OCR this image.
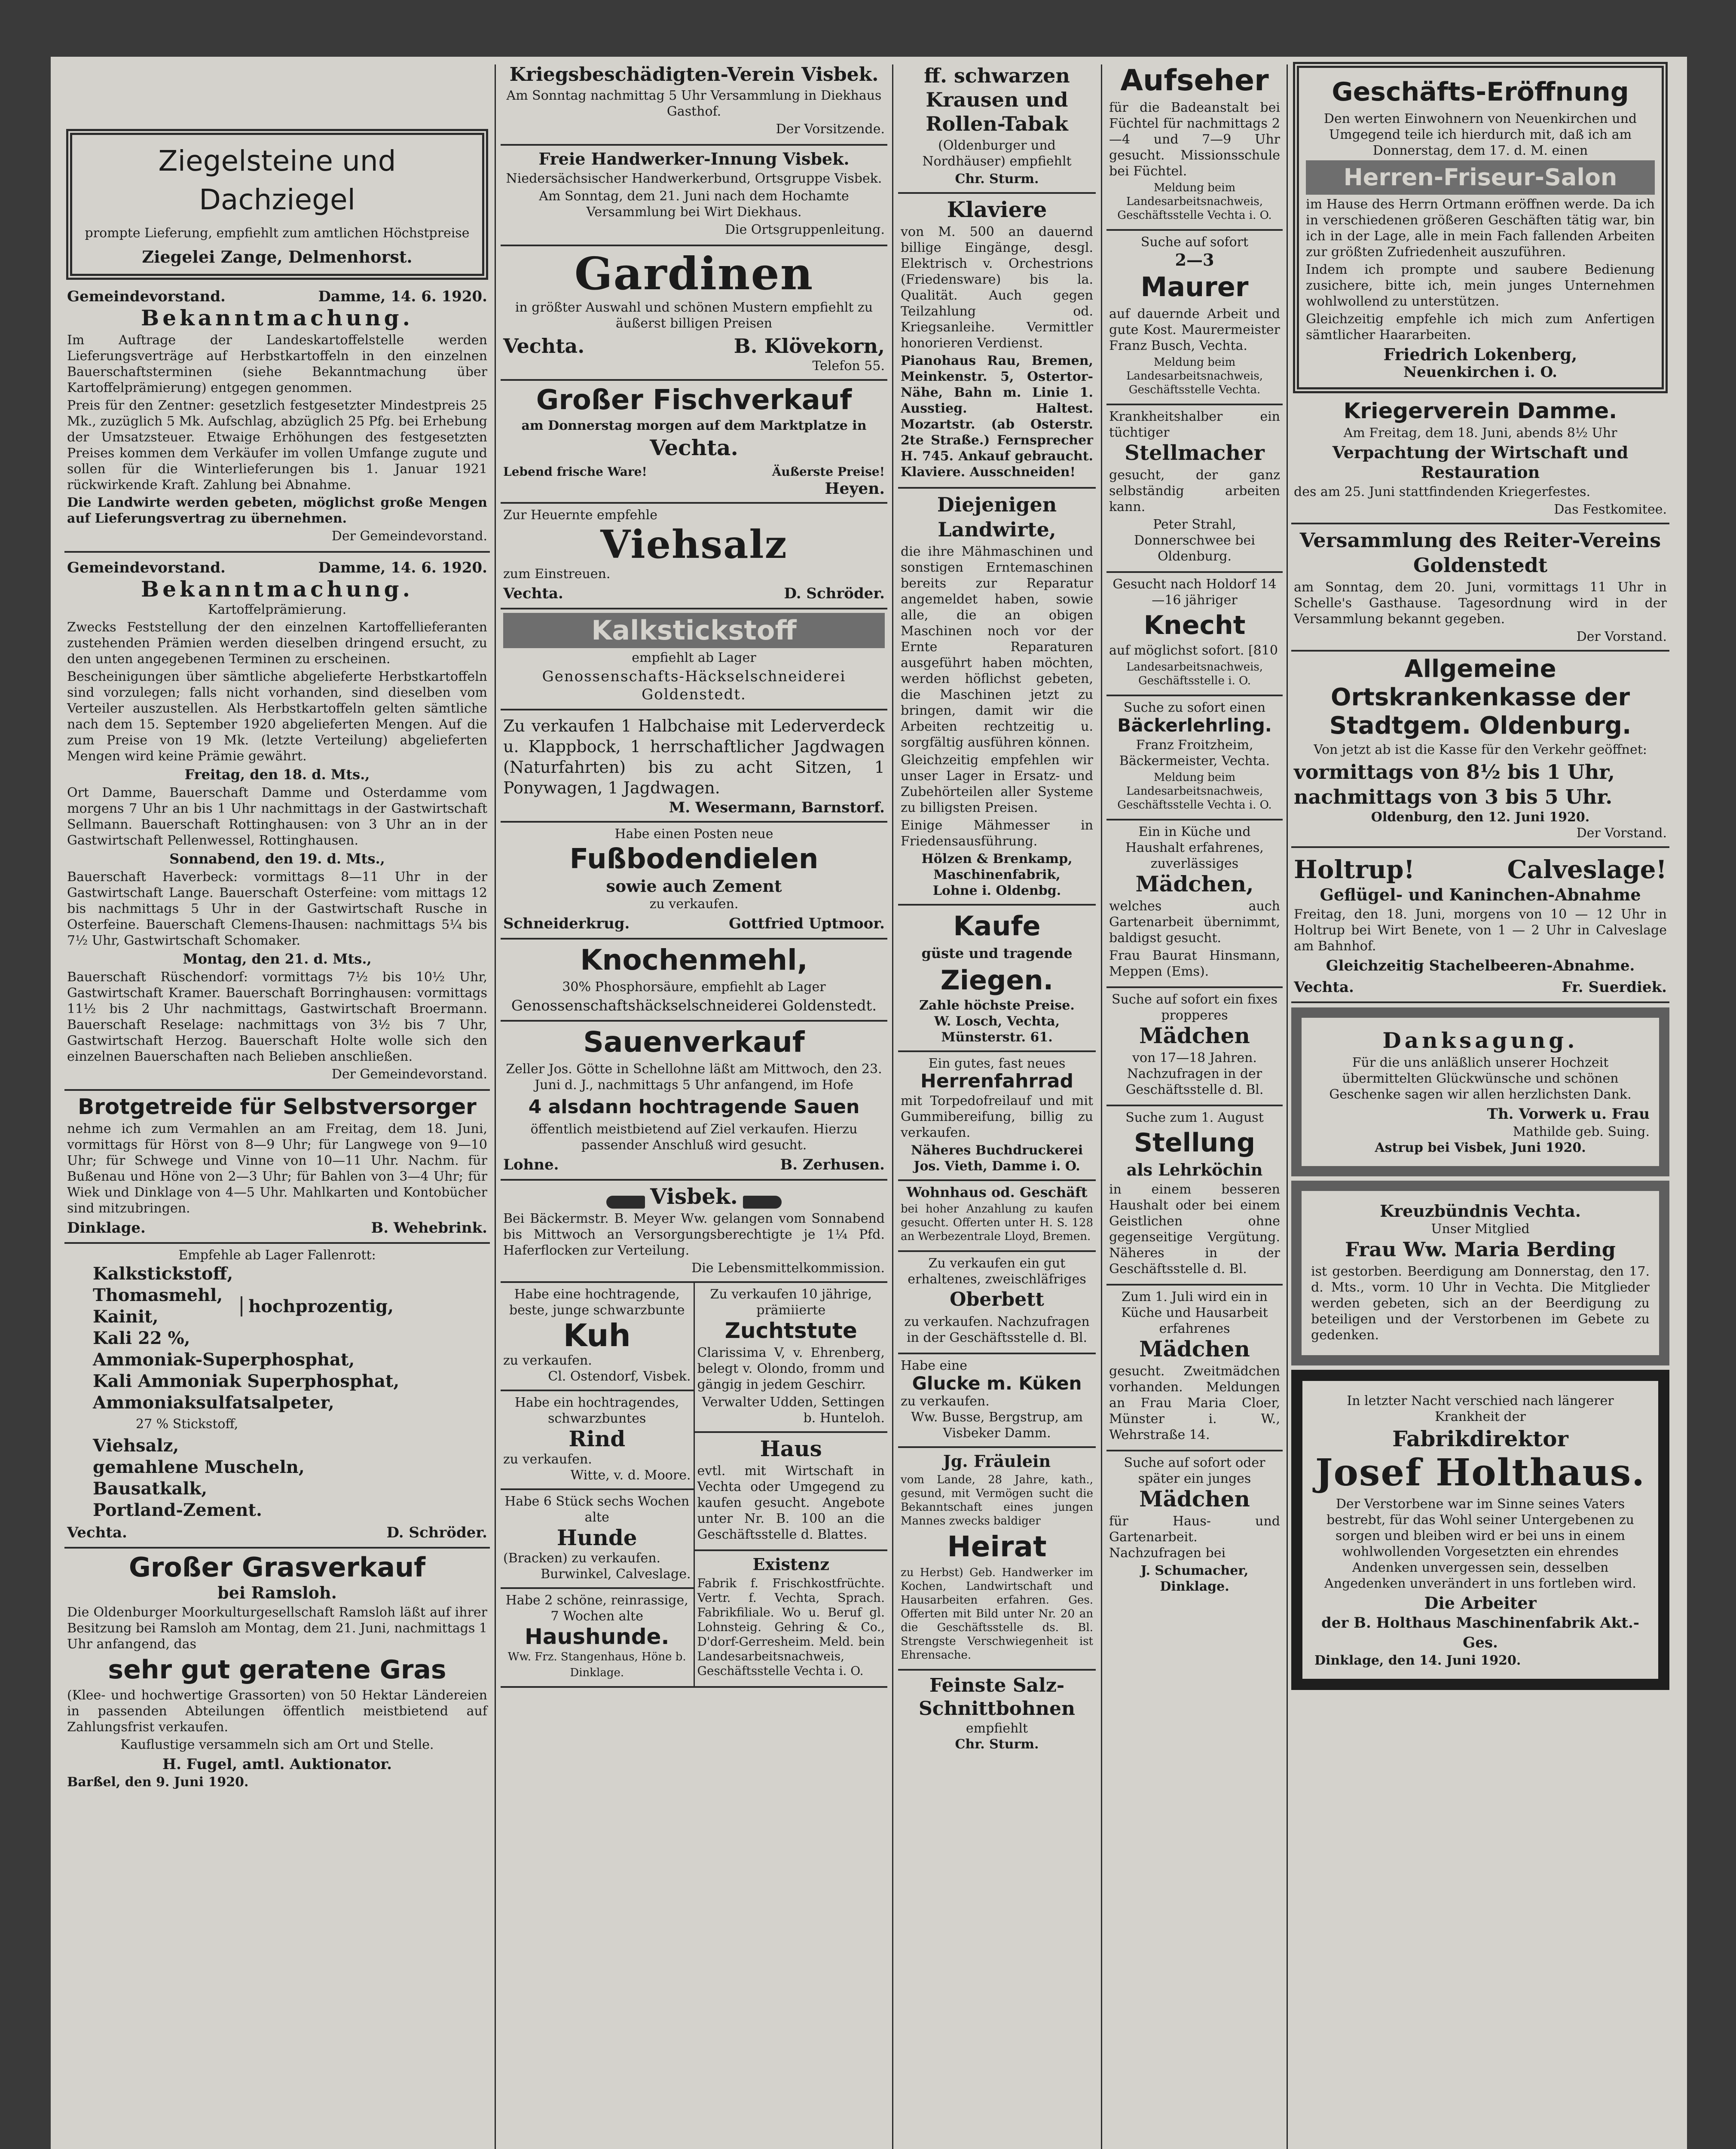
Ziegelsteine und Dachziegel

prompte Lieferung, empfiehlt zum amtlichen Höchstpreise

Ziegelei Zange, Delmenhorst.
Gemeindevorstand.	Damme, 14. 6. 1920.
Bekanntmachung.

Im Auftrage der Landeskartoffelstelle werden Lieferungsverträge auf Herbstkartoffeln in den einzelnen Bauerschaftsterminen (siehe Bekanntmachung über Kartoffelprämierung) entgegen genommen.

Preis für den Zentner: gesetzlich festgesetzter Mindestpreis 25 Mk., zuzüglich 5 Mk. Aufschlag, abzüglich 25 Pfg. bei Erhebung der Umsatzsteuer. Etwaige Erhöhungen des festgesetzten Preises kommen dem Verkäufer im vollen Umfange zugute und sollen für die Winterlieferungen bis 1. Januar 1921 rückwirkende Kraft. Zahlung bei Abnahme.

Die Landwirte werden gebeten, möglichst große Mengen auf Lieferungsvertrag zu übernehmen.

Der Gemeindevorstand.

Gemeindevorstand.	Damme, 14. 6. 1920.
Bekanntmachung.
Kartoffelprämierung.

Zwecks Feststellung der den einzelnen Kartoffellieferanten zustehenden Prämien werden dieselben dringend ersucht, zu den unten angegebenen Terminen zu erscheinen.

Bescheinigungen über sämtliche abgelieferte Herbstkartoffeln sind vorzulegen; falls nicht vorhanden, sind dieselben vom Verteiler auszustellen. Als Herbstkartoffeln gelten sämtliche nach dem 15. September 1920 abgelieferten Mengen. Auf die zum Preise von 19 Mk. (letzte Verteilung) abgelieferten Mengen wird keine Prämie gewährt.

Freitag, den 18. d. Mts.,

Ort Damme, Bauerschaft Damme und Osterdamme vom morgens 7 Uhr an bis 1 Uhr nachmittags in der Gastwirtschaft Sellmann. Bauerschaft Rottinghausen: von 3 Uhr an in der Gastwirtschaft Pellenwessel, Rottinghausen.

Sonnabend, den 19. d. Mts.,

Bauerschaft Haverbeck: vormittags 8—11 Uhr in der Gastwirtschaft Lange. Bauerschaft Osterfeine: vom mittags 12 bis nachmittags 5 Uhr in der Gastwirtschaft Rusche in Osterfeine. Bauerschaft Clemens-Ihausen: nachmittags 5¼ bis 7½ Uhr, Gastwirtschaft Schomaker.

Montag, den 21. d. Mts.,

Bauerschaft Rüschendorf: vormittags 7½ bis 10½ Uhr, Gastwirtschaft Kramer. Bauerschaft Borringhausen: vormittags 11½ bis 2 Uhr nachmittags, Gastwirtschaft Broermann. Bauerschaft Reselage: nachmittags von 3½ bis 7 Uhr, Gastwirtschaft Herzog. Bauerschaft Holte wolle sich den einzelnen Bauerschaften nach Belieben anschließen.

Der Gemeindevorstand.

Brotgetreide für Selbstversorger

nehme ich zum Vermahlen an am Freitag, dem 18. Juni, vormittags für Hörst von 8—9 Uhr; für Langwege von 9—10 Uhr; für Schwege und Vinne von 10—11 Uhr. Nachm. für Bußenau und Höne von 2—3 Uhr; für Bahlen von 3—4 Uhr; für Wiek und Dinklage von 4—5 Uhr. Mahlkarten und Kontobücher sind mitzubringen.

Dinklage.	B. Wehebrink.
Empfehle ab Lager Fallenrott:
Kalkstickstoff,
Thomasmehl,
Kainit,
Kali 22 %,
hochprozentig,
Ammoniak-Superphosphat,
Kali Ammoniak Superphosphat,
Ammoniaksulfatsalpeter,
27 % Stickstoff,
Viehsalz,
gemahlene Muscheln,
Bausatkalk,
Portland-Zement.
Vechta.	D. Schröder.
Großer Grasverkauf
bei Ramsloh.

Die Oldenburger Moorkulturgesellschaft Ramsloh läßt auf ihrer Besitzung bei Ramsloh am Montag, dem 21. Juni, nachmittags 1 Uhr anfangend, das

sehr gut geratene Gras

(Klee- und hochwertige Grassorten) von 50 Hektar Ländereien in passenden Abteilungen öffentlich meistbietend auf Zahlungsfrist verkaufen.

Kauflustige versammeln sich am Ort und Stelle.

H. Fugel, amtl. Auktionator.
Barßel, den 9. Juni 1920.
Kriegsbeschädigten-Verein Visbek.

Am Sonntag nachmittag 5 Uhr Versammlung in Diekhaus Gasthof.

Der Vorsitzende.

Freie Handwerker-Innung Visbek.

Niedersächsischer Handwerkerbund, Ortsgruppe Visbek.

Am Sonntag, dem 21. Juni nach dem Hochamte Versammlung bei Wirt Diekhaus.

Die Ortsgruppenleitung.

Gardinen

in größter Auswahl und schönen Mustern empfiehlt zu äußerst billigen Preisen

Vechta.	B. Klövekorn,
Telefon 55.
Großer Fischverkauf

am Donnerstag morgen auf dem Marktplatze in

Vechta.
Lebend frische Ware!	Äußerste Preise!
Heyen.
Zur Heuernte empfehle
Viehsalz
zum Einstreuen.
Vechta.	D. Schröder.
Kalkstickstoff

empfiehlt ab Lager

Genossenschafts-Häckselschneiderei Goldenstedt.

Zu verkaufen 1 Halbchaise mit Lederverdeck u. Klappbock, 1 herrschaftlicher Jagdwagen (Naturfahrten) bis zu acht Sitzen, 1 Ponywagen, 1 Jagdwagen.

M. Wesermann, Barnstorf.
Habe einen Posten neue
Fußbodendielen
sowie auch Zement
zu verkaufen.
Schneiderkrug.	Gottfried Uptmoor.
Knochenmehl,

30% Phosphorsäure, empfiehlt ab Lager

Genossenschaftshäckselschneiderei Goldenstedt.
Sauenverkauf

Zeller Jos. Götte in Schellohne läßt am Mittwoch, den 23. Juni d. J., nachmittags 5 Uhr anfangend, im Hofe

4 alsdann hochtragende Sauen

öffentlich meistbietend auf Ziel verkaufen. Hierzu passender Anschluß wird gesucht.

Lohne.	B. Zerhusen.
Visbek.

Bei Bäckermstr. B. Meyer Ww. gelangen vom Sonnabend bis Mittwoch an Versorgungsberechtigte je 1¼ Pfd. Haferflocken zur Verteilung.

Die Lebensmittelkommission.
Habe eine hochtragende, beste, junge schwarzbunte
Kuh
zu verkaufen.
Cl. Ostendorf, Visbek.
Habe ein hochtragendes, schwarzbuntes
Rind
zu verkaufen.
Witte, v. d. Moore.
Habe 6 Stück sechs Wochen alte
Hunde
(Bracken) zu verkaufen.
Burwinkel, Calveslage.
Habe 2 schöne, reinrassige, 7 Wochen alte
Haushunde.
Ww. Frz. Stangenhaus, Höne b. Dinklage.
Zu verkaufen 10 jährige, prämiierte
Zuchtstute

Clarissima V, v. Ehrenberg, belegt v. Olondo, fromm und gängig in jedem Geschirr.

Verwalter Udden, Settingen b. Hunteloh.
Haus

evtl. mit Wirtschaft in Vechta oder Umgegend zu kaufen gesucht. Angebote unter Nr. B. 100 an die Geschäftsstelle d. Blattes.

Existenz

Fabrik f. Frischkostfrüchte. Vertr. f. Vechta, Sprach. Fabrikfiliale. Wo u. Beruf gl. Lohnsteig. Gehring & Co., D'dorf-Gerresheim. Meld. bein Landesarbeitsnachweis, Geschäftsstelle Vechta i. O.

ff. schwarzen Krausen und Rollen-Tabak

(Oldenburger und Nordhäuser) empfiehlt

Chr. Sturm.
Klaviere

von M. 500 an dauernd billige Eingänge, desgl. Elektrisch v. Orchestrions (Friedensware) bis la. Qualität. Auch gegen Teilzahlung od. Kriegsanleihe. Vermittler honorieren Verdienst.

Pianohaus Rau, Bremen, Meinkenstr. 5, Ostertor-Nähe, Bahn m. Linie 1. Ausstieg. Haltest. Mozartstr. (ab Osterstr. 2te Straße.) Fernsprecher H. 745. Ankauf gebraucht. Klaviere. Ausschneiden!

Diejenigen Landwirte,

die ihre Mähmaschinen und sonstigen Erntemaschinen bereits zur Reparatur angemeldet haben, sowie alle, die an obigen Maschinen noch vor der Ernte Reparaturen ausgeführt haben möchten, werden höflichst gebeten, die Maschinen jetzt zu bringen, damit wir die Arbeiten rechtzeitig u. sorgfältig ausführen können.

Gleichzeitig empfehlen wir unser Lager in Ersatz- und Zubehörteilen aller Systeme zu billigsten Preisen.

Einige Mähmesser in Friedensausführung.

Hölzen & Brenkamp, Maschinenfabrik,
Lohne i. Oldenbg.
Kaufe
güste und tragende
Ziegen.
Zahle höchste Preise.
W. Losch, Vechta, Münsterstr. 61.
Ein gutes, fast neues
Herrenfahrrad

mit Torpedofreilauf und mit Gummibereifung, billig zu verkaufen.

Näheres Buchdruckerei Jos. Vieth, Damme i. O.
Wohnhaus od. Geschäft

bei hoher Anzahlung zu kaufen gesucht. Offerten unter H. S. 128 an Werbezentrale Lloyd, Bremen.

Zu verkaufen ein gut erhaltenes, zweischläfriges
Oberbett

zu verkaufen. Nachzufragen in der Geschäftsstelle d. Bl.

Habe eine
Glucke m. Küken
zu verkaufen.
Ww. Busse, Bergstrup, am Visbeker Damm.
Jg. Fräulein

vom Lande, 28 Jahre, kath., gesund, mit Vermögen sucht die Bekanntschaft eines jungen Mannes zwecks baldiger

Heirat

zu Herbst) Geb. Handwerker im Kochen, Landwirtschaft und Hausarbeiten erfahren. Ges. Offerten mit Bild unter Nr. 20 an die Geschäftsstelle ds. Bl. Strengste Verschwiegenheit ist Ehrensache.

Feinste Salz-Schnittbohnen
empfiehlt
Chr. Sturm.
Aufseher

für die Badeanstalt bei Füchtel für nachmittags 2—4 und 7—9 Uhr gesucht. Missionsschule bei Füchtel.

Meldung beim Landesarbeitsnachweis, Geschäftsstelle Vechta i. O.

Suche auf sofort
2—3
Maurer

auf dauernde Arbeit und gute Kost. Maurermeister Franz Busch, Vechta.

Meldung beim Landesarbeitsnachweis, Geschäftsstelle Vechta.

Krankheitshalber ein tüchtiger
Stellmacher

gesucht, der ganz selbständig arbeiten kann.

Peter Strahl, Donnerschwee bei Oldenburg.

Gesucht nach Holdorf 14—16 jähriger
Knecht
auf möglichst sofort. [810

Landesarbeitsnachweis, Geschäftsstelle i. O.

Suche zu sofort einen
Bäckerlehrling.

Franz Froitzheim, Bäckermeister, Vechta.

Meldung beim Landesarbeitsnachweis, Geschäftsstelle Vechta i. O.

Ein in Küche und Haushalt erfahrenes, zuverlässiges
Mädchen,

welches auch Gartenarbeit übernimmt, baldigst gesucht.

Frau Baurat Hinsmann, Meppen (Ems).

Suche auf sofort ein fixes propperes
Mädchen

von 17—18 Jahren. Nachzufragen in der Geschäftsstelle d. Bl.

Suche zum 1. August
Stellung
als Lehrköchin

in einem besseren Haushalt oder bei einem Geistlichen ohne gegenseitige Vergütung. Näheres in der Geschäftsstelle d. Bl.

Zum 1. Juli wird ein in Küche und Hausarbeit erfahrenes
Mädchen

gesucht. Zweitmädchen vorhanden. Meldungen an Frau Maria Cloer, Münster i. W., Wehrstraße 14.

Suche auf sofort oder später ein junges
Mädchen

für Haus- und Gartenarbeit. Nachzufragen bei

J. Schumacher, Dinklage.
Geschäfts-Eröffnung

Den werten Einwohnern von Neuenkirchen und Umgegend teile ich hierdurch mit, daß ich am Donnerstag, dem 17. d. M. einen

Herren-Friseur-Salon

im Hause des Herrn Ortmann eröffnen werde. Da ich in verschiedenen größeren Geschäften tätig war, bin ich in der Lage, alle in mein Fach fallenden Arbeiten zur größten Zufriedenheit auszuführen.

Indem ich prompte und saubere Bedienung zusichere, bitte ich, mein junges Unternehmen wohlwollend zu unterstützen.

Gleichzeitig empfehle ich mich zum Anfertigen sämtlicher Haararbeiten.

Friedrich Lokenberg,
Neuenkirchen i. O.
Kriegerverein Damme.

Am Freitag, dem 18. Juni, abends 8½ Uhr

Verpachtung der Wirtschaft und Restauration

des am 25. Juni stattfindenden Kriegerfestes.

Das Festkomitee.
Versammlung des Reiter-Vereins Goldenstedt

am Sonntag, dem 20. Juni, vormittags 11 Uhr in Schelle's Gasthause. Tagesordnung wird in der Versammlung bekannt gegeben.

Der Vorstand.
Allgemeine Ortskrankenkasse der Stadtgem. Oldenburg.

Von jetzt ab ist die Kasse für den Verkehr geöffnet:

vormittags von 8½ bis 1 Uhr,
nachmittags von 3 bis 5 Uhr.
Oldenburg, den 12. Juni 1920.
Der Vorstand.
Holtrup!	Calveslage!
Geflügel- und Kaninchen-Abnahme

Freitag, den 18. Juni, morgens von 10 — 12 Uhr in Holtrup bei Wirt Benete, von 1 — 2 Uhr in Calveslage am Bahnhof.

Gleichzeitig Stachelbeeren-Abnahme.
Vechta.	Fr. Suerdiek.
Danksagung.

Für die uns anläßlich unserer Hochzeit übermittelten Glückwünsche und schönen Geschenke sagen wir allen herzlichsten Dank.

Th. Vorwerk u. Frau
Mathilde geb. Suing.
Astrup bei Visbek, Juni 1920.
Kreuzbündnis Vechta.
Unser Mitglied
Frau Ww. Maria Berding

ist gestorben. Beerdigung am Donnerstag, den 17. d. Mts., vorm. 10 Uhr in Vechta. Die Mitglieder werden gebeten, sich an der Beerdigung zu beteiligen und der Verstorbenen im Gebete zu gedenken.

In letzter Nacht verschied nach längerer Krankheit der

Fabrikdirektor
Josef Holthaus.

Der Verstorbene war im Sinne seines Vaters bestrebt, für das Wohl seiner Untergebenen zu sorgen und bleiben wird er bei uns in einem wohlwollenden Vorgesetzten ein ehrendes Andenken unvergessen sein, desselben Angedenken unverändert in uns fortleben wird.

Die Arbeiter
der B. Holthaus Maschinenfabrik Akt.-Ges.
Dinklage, den 14. Juni 1920.
